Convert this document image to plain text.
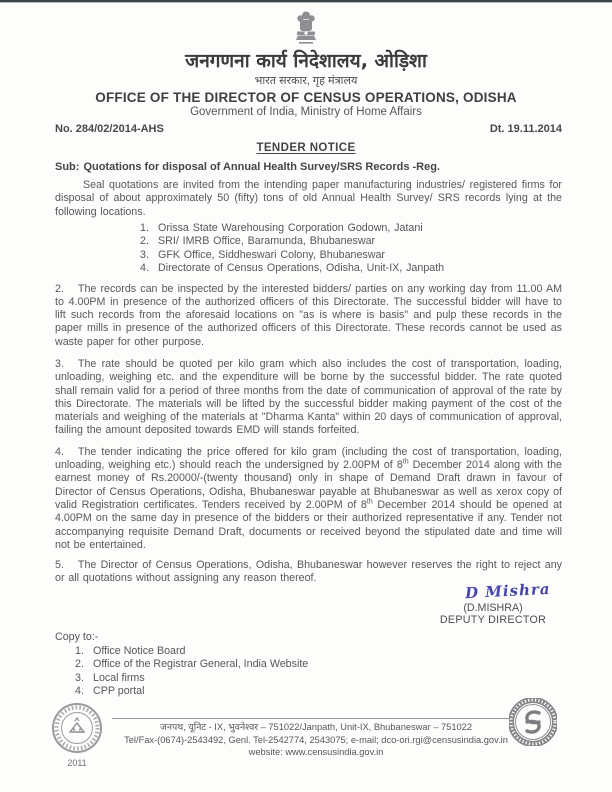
जनगणना कार्य निदेशालय, ओड़िशा
भारत सरकार, गृह मंत्रालय
OFFICE OF THE DIRECTOR OF CENSUS OPERATIONS, ODISHA
Government of India, Ministry of Home Affairs
No. 284/02/2014-AHS	Dt. 19.11.2014
TENDER NOTICE
Sub: Quotations for disposal of Annual Health Survey/SRS Records -Reg.

Seal quotations are invited from the intending paper manufacturing industries/ registered firms for disposal of about approximately 50 (fifty) tons of old Annual Health Survey/ SRS records lying at the following locations.

1. Orissa State Warehousing Corporation Godown, Jatani
2. SRI/ IMRB Office, Baramunda, Bhubaneswar
3. GFK Office, Siddheswari Colony, Bhubaneswar
4. Directorate of Census Operations, Odisha, Unit-IX, Janpath

2. The records can be inspected by the interested bidders/ parties on any working day from 11.00 AM to 4.00PM in presence of the authorized officers of this Directorate. The successful bidder will have to lift such records from the aforesaid locations on "as is where is basis" and pulp these records in the paper mills in presence of the authorized officers of this Directorate. These records cannot be used as waste paper for other purpose.

3. The rate should be quoted per kilo gram which also includes the cost of transportation, loading, unloading, weighing etc. and the expenditure will be borne by the successful bidder. The rate quoted shall remain valid for a period of three months from the date of communication of approval of the rate by this Directorate. The materials will be lifted by the successful bidder making payment of the cost of the materials and weighing of the materials at "Dharma Kanta" within 20 days of communication of approval, failing the amount deposited towards EMD will stands forfeited.

4. The tender indicating the price offered for kilo gram (including the cost of transportation, loading, unloading, weighing etc.) should reach the undersigned by 2.00PM of 8th December 2014 along with the earnest money of Rs.20000/-(twenty thousand) only in shape of Demand Draft drawn in favour of Director of Census Operations, Odisha, Bhubaneswar payable at Bhubaneswar as well as xerox copy of valid Registration certificates. Tenders received by 2.00PM of 8th December 2014 should be opened at 4.00PM on the same day in presence of the bidders or their authorized representative if any. Tender not accompanying requisite Demand Draft, documents or received beyond the stipulated date and time will not be entertained.

5. The Director of Census Operations, Odisha, Bhubaneswar however reserves the right to reject any or all quotations without assigning any reason thereof.

D Mishra
(D.MISHRA)
DEPUTY DIRECTOR
Copy to:-
1. Office Notice Board
2. Office of the Registrar General, India Website
3. Local firms
4. CPP portal
2011
जनपथ, यूनिट - IX, भुवनेश्वर – 751022/Janpath, Unit-IX, Bhubaneswar – 751022
Tel/Fax-(0674)-2543492, Genl. Tel-2542774, 2543075; e-mail; dco-ori.rgi@censusindia.gov.in
website: www.censusindia.gov.in
